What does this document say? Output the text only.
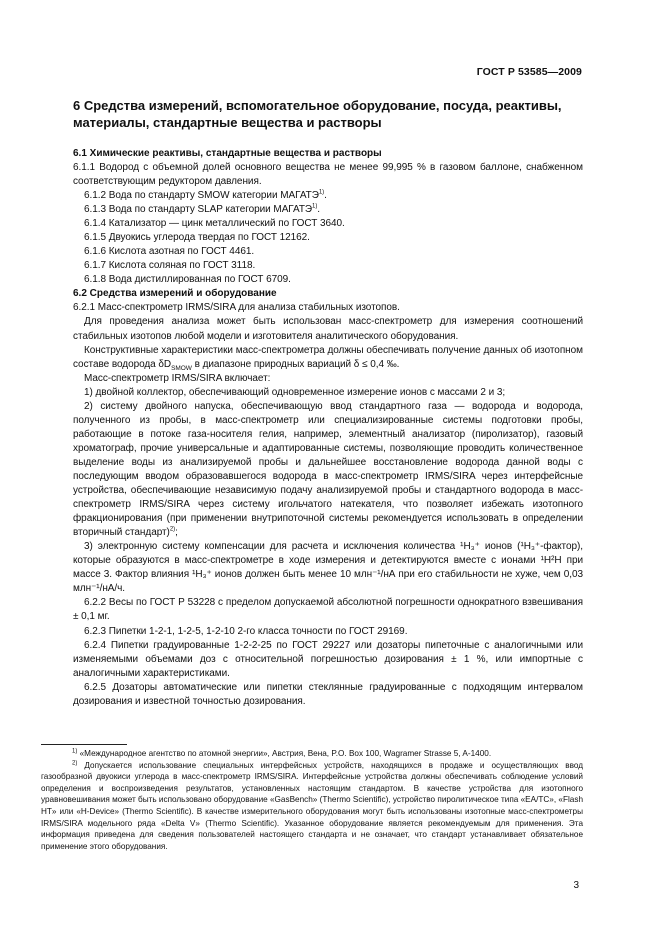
ГОСТ Р 53585—2009
6 Средства измерений, вспомогательное оборудование, посуда, реактивы, материалы, стандартные вещества и растворы
6.1 Химические реактивы, стандартные вещества и растворы

6.1.1 Водород с объемной долей основного вещества не менее 99,995 % в газовом баллоне, снабженном соответствующим редуктором давления.

6.1.2 Вода по стандарту SMOW категории МАГАТЭ$^{1)}$.

6.1.3 Вода по стандарту SLAP категории МАГАТЭ$^{1)}$.

6.1.4 Катализатор — цинк металлический по ГОСТ 3640.

6.1.5 Двуокись углерода твердая по ГОСТ 12162.

6.1.6 Кислота азотная по ГОСТ 4461.

6.1.7 Кислота соляная по ГОСТ 3118.

6.1.8 Вода дистиллированная по ГОСТ 6709.

6.2 Средства измерений и оборудование

6.2.1 Масс-спектрометр IRMS/SIRA для анализа стабильных изотопов.

Для проведения анализа может быть использован масс-спектрометр для измерения соотношений стабильных изотопов любой модели и изготовителя аналитического оборудования.

Конструктивные характеристики масс-спектрометра должны обеспечивать получение данных об изотопном составе водорода $\delta D_{SMOW}$ в диапазоне природных вариаций δ ≤ 0,4 ‰.

Масс-спектрометр IRMS/SIRA включает:

1) двойной коллектор, обеспечивающий одновременное измерение ионов с массами 2 и 3;

2) систему двойного напуска, обеспечивающую ввод стандартного газа — водорода и водорода, полученного из пробы, в масс-спектрометр или специализированные системы подготовки пробы, работающие в потоке газа-носителя гелия, например, элементный анализатор (пиролизатор), газовый хроматограф, прочие универсальные и адаптированные системы, позволяющие проводить количественное выделение воды из анализируемой пробы и дальнейшее восстановление водорода данной воды с последующим вводом образовавшегося водорода в масс-спектрометр IRMS/SIRA через интерфейсные устройства, обеспечивающие независимую подачу анализируемой пробы и стандартного водорода в масс-спектрометр IRMS/SIRA через систему игольчатого натекателя, что позволяет избежать изотопного фракционирования (при применении внутрипоточной системы рекомендуется использовать в определении вторичный стандарт)$^{2)}$;

3) электронную систему компенсации для расчета и исключения количества ¹H₃⁺ ионов (¹H₃⁺-фактор), которые образуются в масс-спектрометре в ходе измерения и детектируются вместе с ионами ¹H²H при массе 3. Фактор влияния ¹H₃⁺ ионов должен быть менее 10 млн⁻¹/нА при его стабильности не хуже, чем 0,03 млн⁻¹/нА/ч.

6.2.2 Весы по ГОСТ Р 53228 с пределом допускаемой абсолютной погрешности однократного взвешивания ± 0,1 мг.

6.2.3 Пипетки 1-2-1, 1-2-5, 1-2-10 2-го класса точности по ГОСТ 29169.

6.2.4 Пипетки градуированные 1-2-2-25 по ГОСТ 29227 или дозаторы пипеточные с аналогичными или изменяемыми объемами доз с относительной погрешностью дозирования ± 1 %, или импортные с аналогичными характеристиками.

6.2.5 Дозаторы автоматические или пипетки стеклянные градуированные с подходящим интервалом дозирования и известной точностью дозирования.

$^{1)}$ «Международное агентство по атомной энергии», Австрия, Вена, P.O. Box 100, Wagramer Strasse 5, A-1400.

$^{2)}$ Допускается использование специальных интерфейсных устройств, находящихся в продаже и осуществляющих ввод газообразной двуокиси углерода в масс-спектрометр IRMS/SIRA. Интерфейсные устройства должны обеспечивать соблюдение условий определения и воспроизведения результатов, установленных настоящим стандартом. В качестве устройства для изотопного уравновешивания может быть использовано оборудование «GasBench» (Thermo Scientific), устройство пиролитическое типа «EA/TC», «Flash HT» или «H-Device» (Thermo Scientific). В качестве измерительного оборудования могут быть использованы изотопные масс-спектрометры IRMS/SIRA модельного ряда «Delta V» (Thermo Scientific). Указанное оборудование является рекомендуемым для применения. Эта информация приведена для сведения пользователей настоящего стандарта и не означает, что стандарт устанавливает обязательное применение этого оборудования.

3
